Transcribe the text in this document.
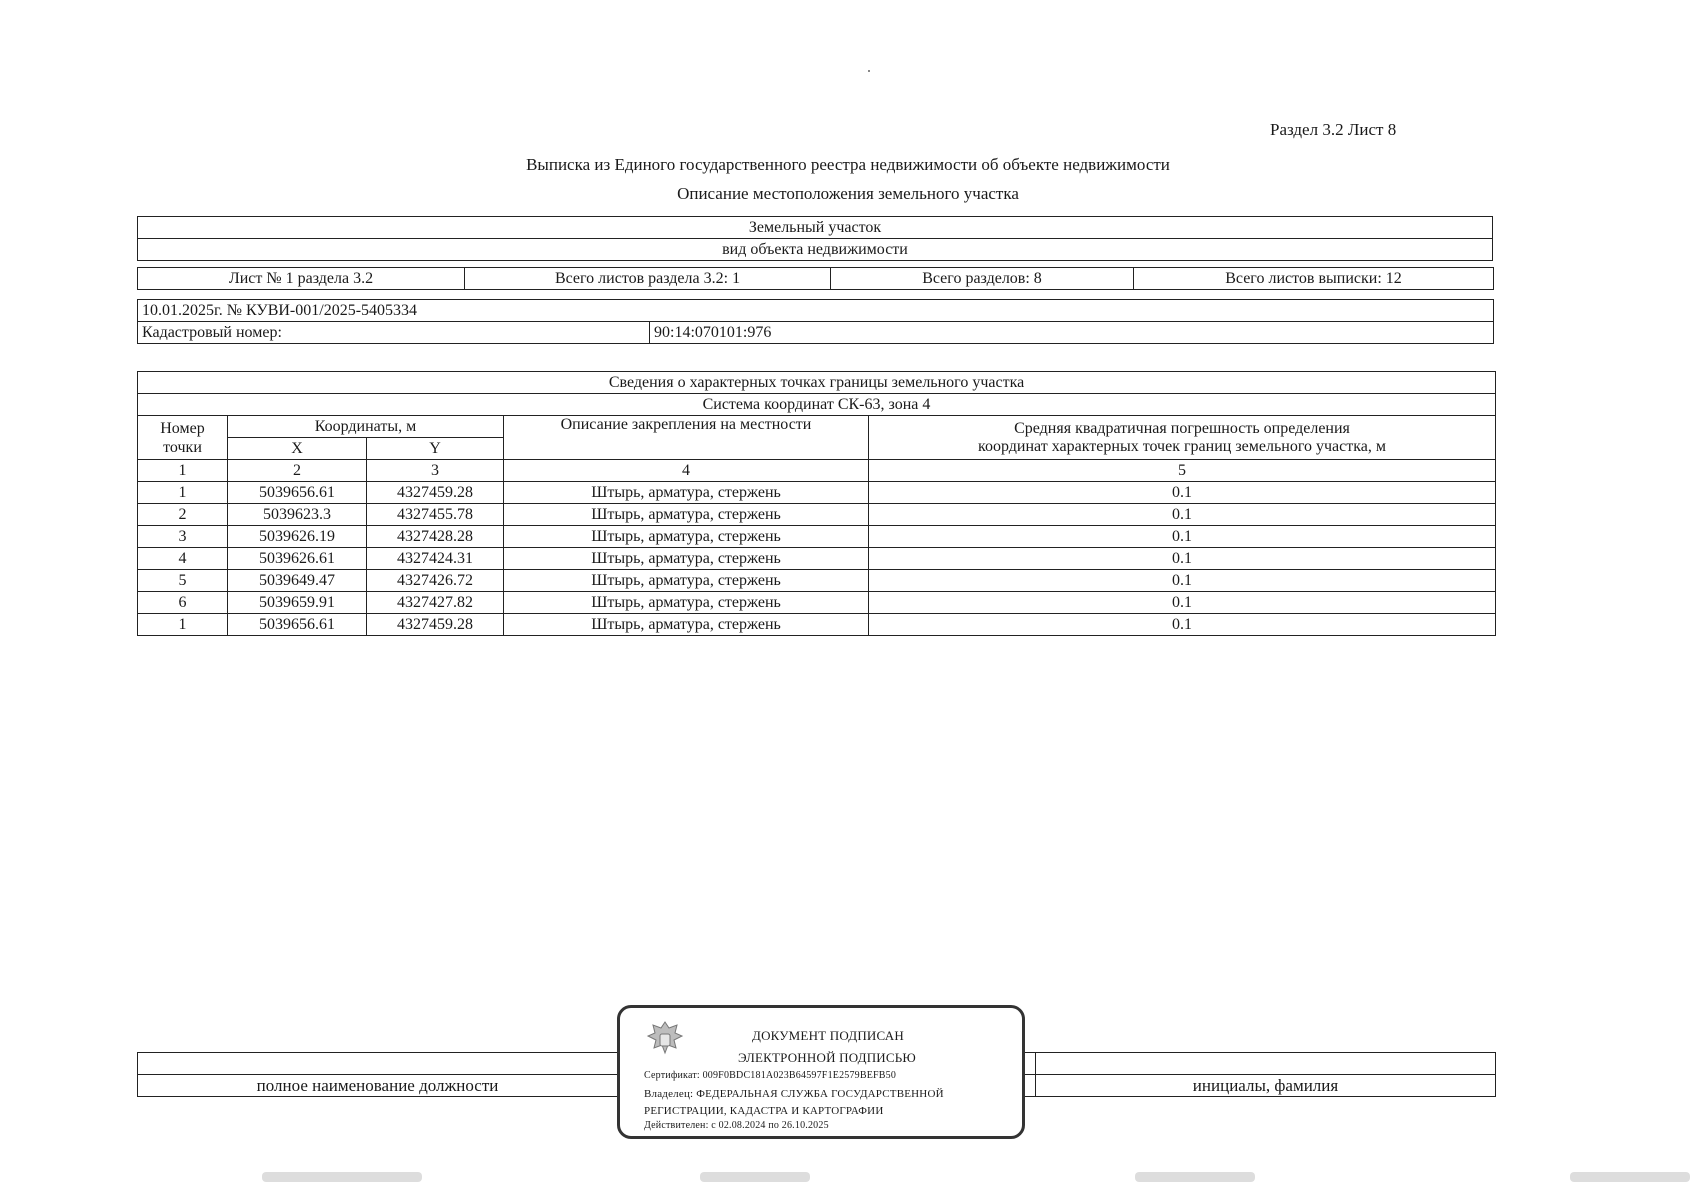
Раздел 3.2 Лист 8
Выписка из Единого государственного реестра недвижимости об объекте недвижимости
Описание местоположения земельного участка
Земельный участок
вид объекта недвижимости
Лист № 1 раздела 3.2	Всего листов раздела 3.2: 1	Всего разделов: 8	Всего листов выписки: 12
10.01.2025г. № КУВИ-001/2025-5405334
Кадастровый номер:	90:14:070101:976
Сведения о характерных точках границы земельного участка				
Система координат СК-63, зона 4				
Номер точки	Координаты, м		Описание закрепления на местности	Средняя квадратичная погрешность определения
координат характерных точек границ земельного участка, м

	X	Y		
1	2	3	4	5
1	5039656.61	4327459.28	Штырь, арматура, стержень	0.1
2	5039623.3	4327455.78	Штырь, арматура, стержень	0.1
3	5039626.19	4327428.28	Штырь, арматура, стержень	0.1
4	5039626.61	4327424.31	Штырь, арматура, стержень	0.1
5	5039649.47	4327426.72	Штырь, арматура, стержень	0.1
6	5039659.91	4327427.82	Штырь, арматура, стержень	0.1
1	5039656.61	4327459.28	Штырь, арматура, стержень	0.1

полное наименование должности		инициалы, фамилия
ДОКУМЕНТ ПОДПИСАН
ЭЛЕКТРОННОЙ ПОДПИСЬЮ
Сертификат: 009F0BDC181A023B64597F1E2579BEFB50
Владелец: ФЕДЕРАЛЬНАЯ СЛУЖБА ГОСУДАРСТВЕННОЙ
РЕГИСТРАЦИИ, КАДАСТРА И КАРТОГРАФИИ
Действителен: с 02.08.2024 по 26.10.2025
